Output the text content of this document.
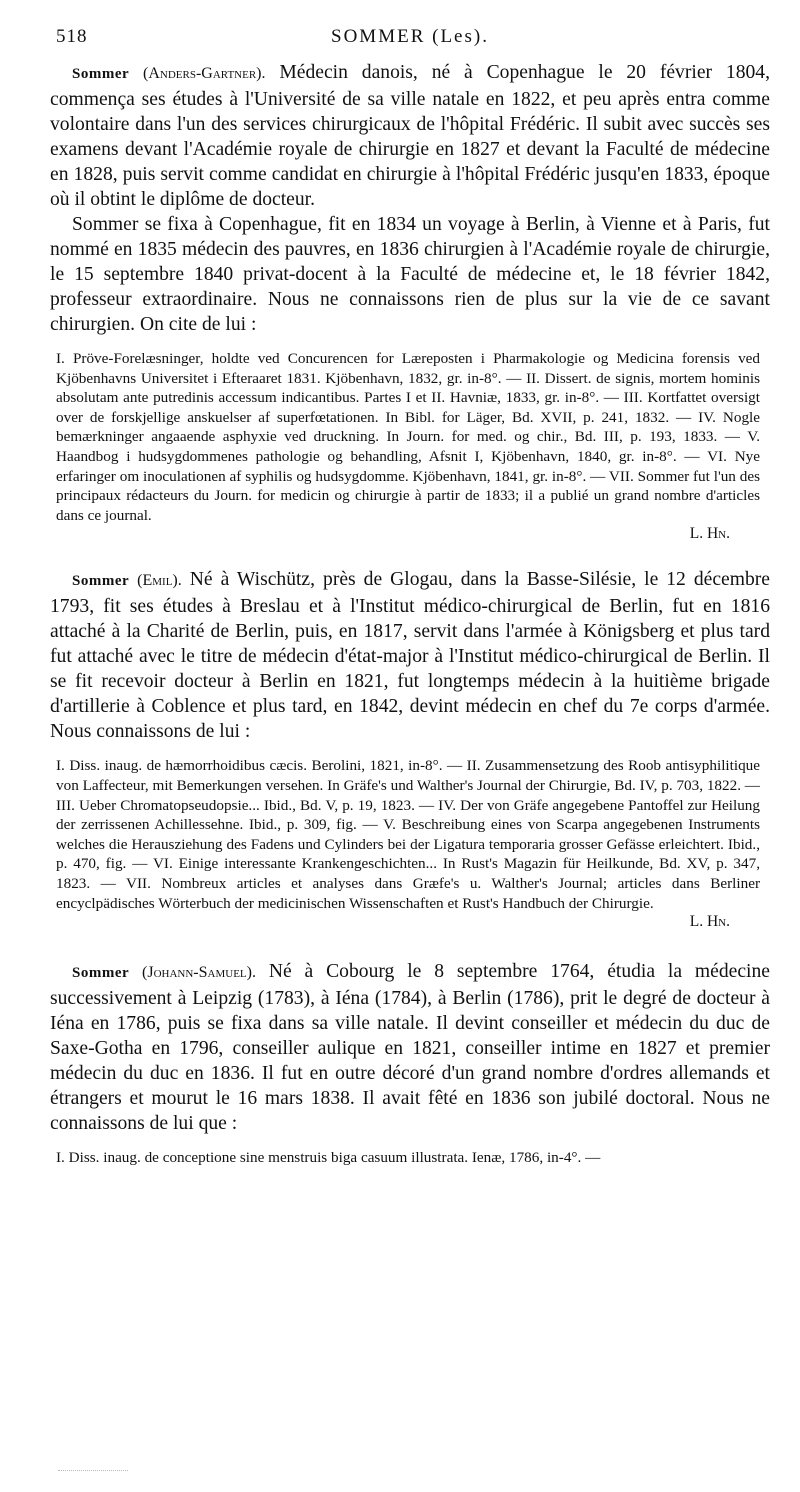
518	SOMMER (Les).

Sommer (Anders-Gartner). Médecin danois, né à Copenhague le 20 février 1804, commença ses études à l'Université de sa ville natale en 1822, et peu après entra comme volontaire dans l'un des services chirurgicaux de l'hôpital Frédéric. Il subit avec succès ses examens devant l'Académie royale de chirurgie en 1827 et devant la Faculté de médecine en 1828, puis servit comme candidat en chirurgie à l'hôpital Frédéric jusqu'en 1833, époque où il obtint le diplôme de docteur.

Sommer se fixa à Copenhague, fit en 1834 un voyage à Berlin, à Vienne et à Paris, fut nommé en 1835 médecin des pauvres, en 1836 chirurgien à l'Académie royale de chirurgie, le 15 septembre 1840 privat-docent à la Faculté de médecine et, le 18 février 1842, professeur extraordinaire. Nous ne connaissons rien de plus sur la vie de ce savant chirurgien. On cite de lui :

I. Pröve-Forelæsninger, holdte ved Concurencen for Læreposten i Pharmakologie og Medicina forensis ved Kjöbenhavns Universitet i Efteraaret 1831. Kjöbenhavn, 1832, gr. in-8°. — II. Dissert. de signis, mortem hominis absolutam ante putredinis accessum indicantibus. Partes I et II. Havniæ, 1833, gr. in-8°. — III. Kortfattet oversigt over de forskjellige anskuelser af superfœtationen. In Bibl. for Läger, Bd. XVII, p. 241, 1832. — IV. Nogle bemærkninger angaaende asphyxie ved druckning. In Journ. for med. og chir., Bd. III, p. 193, 1833. — V. Haandbog i hudsygdommenes pathologie og behandling, Afsnit I, Kjöbenhavn, 1840, gr. in-8°. — VI. Nye erfaringer om inoculationen af syphilis og hudsygdomme. Kjöbenhavn, 1841, gr. in-8°. — VII. Sommer fut l'un des principaux rédacteurs du Journ. for medicin og chirurgie à partir de 1833; il a publié un grand nombre d'articles dans ce journal.

L. Hn.

Sommer (Emil). Né à Wischütz, près de Glogau, dans la Basse-Silésie, le 12 décembre 1793, fit ses études à Breslau et à l'Institut médico-chirurgical de Berlin, fut en 1816 attaché à la Charité de Berlin, puis, en 1817, servit dans l'armée à Königsberg et plus tard fut attaché avec le titre de médecin d'état-major à l'Institut médico-chirurgical de Berlin. Il se fit recevoir docteur à Berlin en 1821, fut longtemps médecin à la huitième brigade d'artillerie à Coblence et plus tard, en 1842, devint médecin en chef du 7e corps d'armée. Nous connaissons de lui :

I. Diss. inaug. de hæmorrhoidibus cæcis. Berolini, 1821, in-8°. — II. Zusammensetzung des Roob antisyphilitique von Laffecteur, mit Bemerkungen versehen. In Gräfe's und Walther's Journal der Chirurgie, Bd. IV, p. 703, 1822. — III. Ueber Chromatopseudopsie... Ibid., Bd. V, p. 19, 1823. — IV. Der von Gräfe angegebene Pantoffel zur Heilung der zerrissenen Achillessehne. Ibid., p. 309, fig. — V. Beschreibung eines von Scarpa angegebenen Instruments welches die Herausziehung des Fadens und Cylinders bei der Ligatura temporaria grosser Gefässe erleichtert. Ibid., p. 470, fig. — VI. Einige interessante Krankengeschichten... In Rust's Magazin für Heilkunde, Bd. XV, p. 347, 1823. — VII. Nombreux articles et analyses dans Græfe's u. Walther's Journal; articles dans Berliner encyclpädisches Wörterbuch der medicinischen Wissenschaften et Rust's Handbuch der Chirurgie.

L. Hn.

Sommer (Johann-Samuel). Né à Cobourg le 8 septembre 1764, étudia la médecine successivement à Leipzig (1783), à Iéna (1784), à Berlin (1786), prit le degré de docteur à Iéna en 1786, puis se fixa dans sa ville natale. Il devint conseiller et médecin du duc de Saxe-Gotha en 1796, conseiller aulique en 1821, conseiller intime en 1827 et premier médecin du duc en 1836. Il fut en outre décoré d'un grand nombre d'ordres allemands et étrangers et mourut le 16 mars 1838. Il avait fêté en 1836 son jubilé doctoral. Nous ne connaissons de lui que :

I. Diss. inaug. de conceptione sine menstruis biga casuum illustrata. Ienæ, 1786, in-4°. —
